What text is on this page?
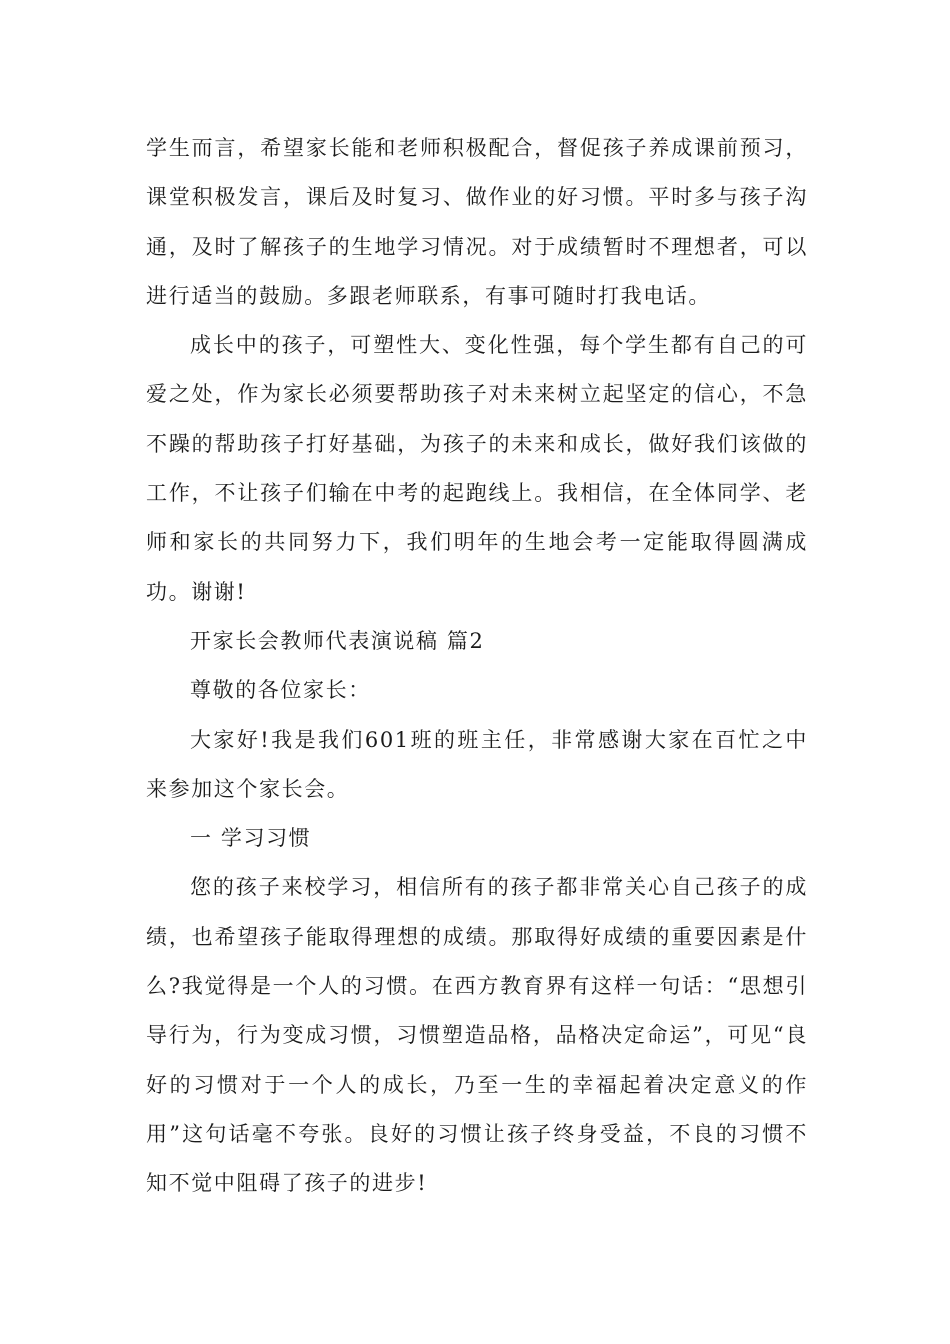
学生而言，希望家长能和老师积极配合，督促孩子养成课前预习，课堂积极发言，课后及时复习、做作业的好习惯。平时多与孩子沟通，及时了解孩子的生地学习情况。对于成绩暂时不理想者，可以进行适当的鼓励。多跟老师联系，有事可随时打我电话。

成长中的孩子，可塑性大、变化性强，每个学生都有自己的可爱之处，作为家长必须要帮助孩子对未来树立起坚定的信心，不急不躁的帮助孩子打好基础，为孩子的未来和成长，做好我们该做的工作，不让孩子们输在中考的起跑线上。我相信，在全体同学、老师和家长的共同努力下，我们明年的生地会考一定能取得圆满成功。谢谢!

开家长会教师代表演说稿 篇2

尊敬的各位家长：

大家好!我是我们601班的班主任，非常感谢大家在百忙之中来参加这个家长会。

一 学习习惯

您的孩子来校学习，相信所有的孩子都非常关心自己孩子的成绩，也希望孩子能取得理想的成绩。那取得好成绩的重要因素是什么?我觉得是一个人的习惯。在西方教育界有这样一句话：“思想引导行为，行为变成习惯，习惯塑造品格，品格决定命运”，可见“良好的习惯对于一个人的成长，乃至一生的幸福起着决定意义的作用”这句话毫不夸张。良好的习惯让孩子终身受益，不良的习惯不知不觉中阻碍了孩子的进步!
